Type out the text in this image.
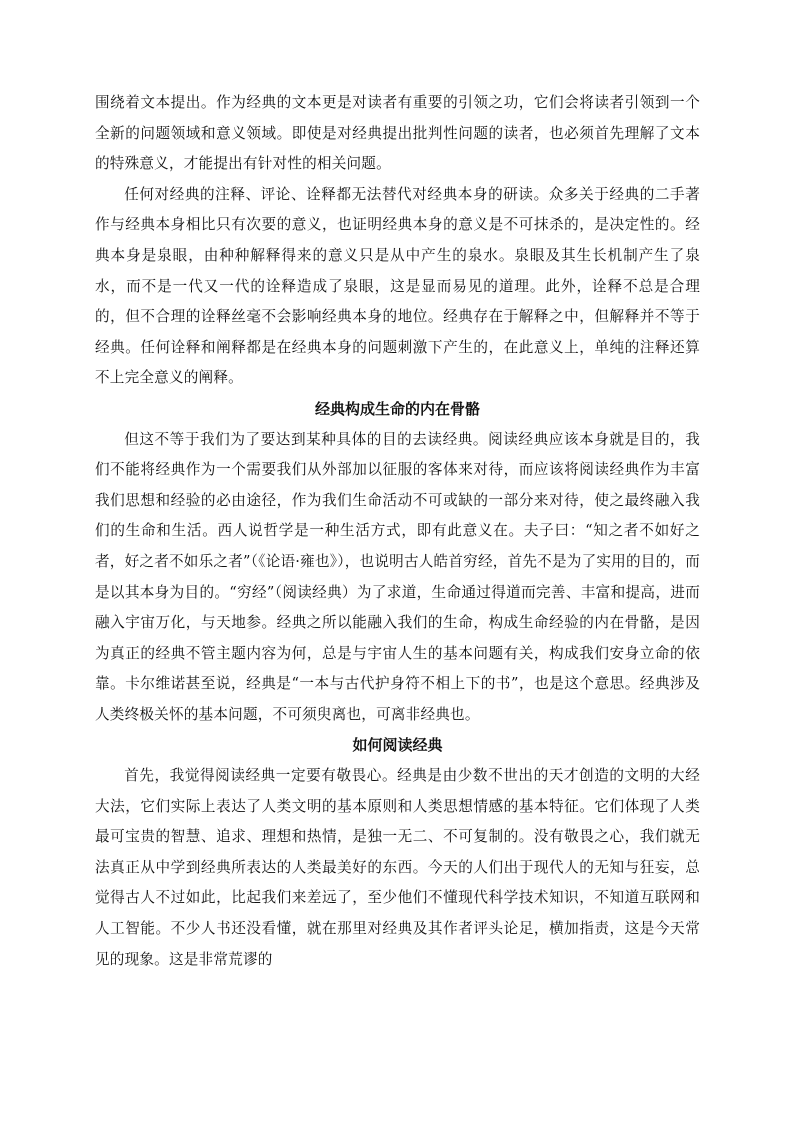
围绕着文本提出。作为经典的文本更是对读者有重要的引领之功，它们会将读者引领到一个全新的问题领域和意义领域。即使是对经典提出批判性问题的读者，也必须首先理解了文本的特殊意义，才能提出有针对性的相关问题。

任何对经典的注释、评论、诠释都无法替代对经典本身的研读。众多关于经典的二手著作与经典本身相比只有次要的意义，也证明经典本身的意义是不可抹杀的，是决定性的。经典本身是泉眼，由种种解释得来的意义只是从中产生的泉水。泉眼及其生长机制产生了泉水，而不是一代又一代的诠释造成了泉眼，这是显而易见的道理。此外，诠释不总是合理的，但不合理的诠释丝毫不会影响经典本身的地位。经典存在于解释之中，但解释并不等于经典。任何诠释和阐释都是在经典本身的问题刺激下产生的，在此意义上，单纯的注释还算不上完全意义的阐释。

经典构成生命的内在骨骼

但这不等于我们为了要达到某种具体的目的去读经典。阅读经典应该本身就是目的，我们不能将经典作为一个需要我们从外部加以征服的客体来对待，而应该将阅读经典作为丰富我们思想和经验的必由途径，作为我们生命活动不可或缺的一部分来对待，使之最终融入我们的生命和生活。西人说哲学是一种生活方式，即有此意义在。夫子曰：“知之者不如好之者，好之者不如乐之者”（《论语·雍也》），也说明古人皓首穷经，首先不是为了实用的目的，而是以其本身为目的。“穷经”（阅读经典）为了求道，生命通过得道而完善、丰富和提高，进而融入宇宙万化，与天地参。经典之所以能融入我们的生命，构成生命经验的内在骨骼，是因为真正的经典不管主题内容为何，总是与宇宙人生的基本问题有关，构成我们安身立命的依靠。卡尔维诺甚至说，经典是“一本与古代护身符不相上下的书”，也是这个意思。经典涉及人类终极关怀的基本问题，不可须臾离也，可离非经典也。

如何阅读经典

首先，我觉得阅读经典一定要有敬畏心。经典是由少数不世出的天才创造的文明的大经大法，它们实际上表达了人类文明的基本原则和人类思想情感的基本特征。它们体现了人类最可宝贵的智慧、追求、理想和热情，是独一无二、不可复制的。没有敬畏之心，我们就无法真正从中学到经典所表达的人类最美好的东西。今天的人们出于现代人的无知与狂妄，总觉得古人不过如此，比起我们来差远了，至少他们不懂现代科学技术知识，不知道互联网和人工智能。不少人书还没看懂，就在那里对经典及其作者评头论足，横加指责，这是今天常见的现象。这是非常荒谬的
